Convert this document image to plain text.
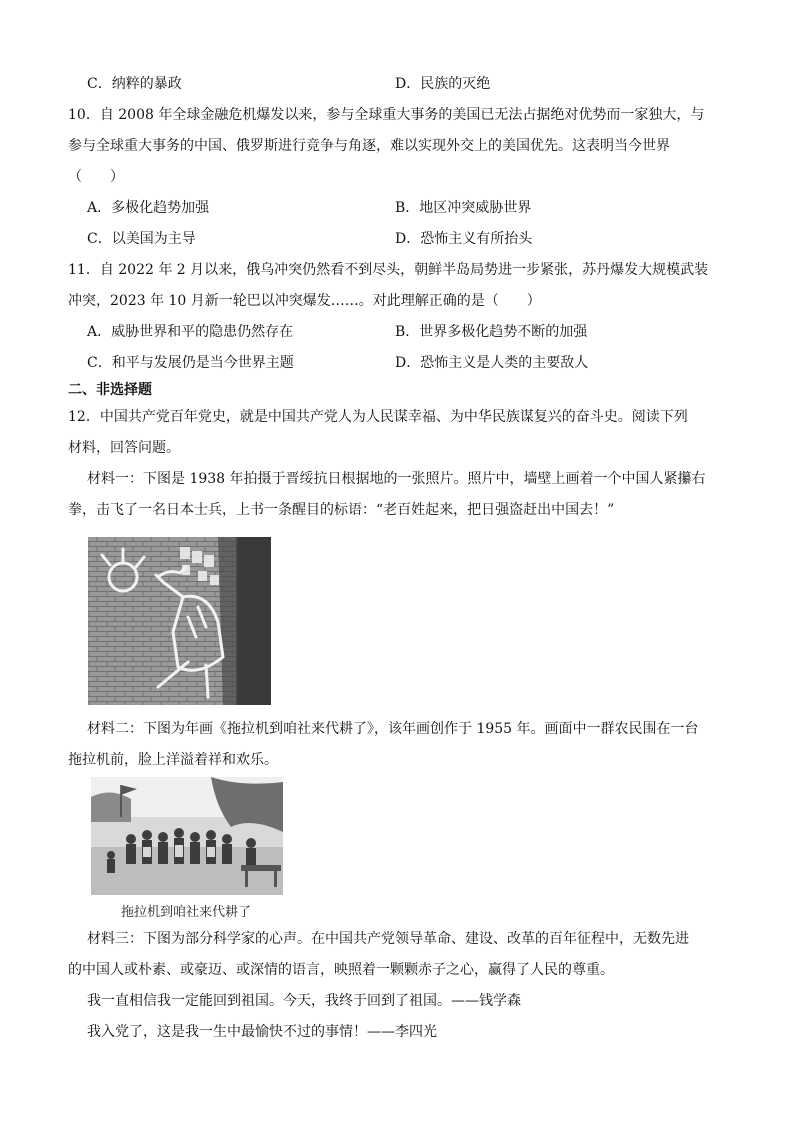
C．纳粹的暴政	D．民族的灭绝
10．自 2008 年全球金融危机爆发以来，参与全球重大事务的美国已无法占据绝对优势而一家独大，与
参与全球重大事务的中国、俄罗斯进行竞争与角逐，难以实现外交上的美国优先。这表明当今世界
（　　）
A．多极化趋势加强	B．地区冲突威胁世界
C．以美国为主导	D．恐怖主义有所抬头
11．自 2022 年 2 月以来，俄乌冲突仍然看不到尽头，朝鲜半岛局势进一步紧张，苏丹爆发大规模武装
冲突，2023 年 10 月新一轮巴以冲突爆发……。对此理解正确的是（　　）
A．威胁世界和平的隐患仍然存在	B．世界多极化趋势不断的加强
C．和平与发展仍是当今世界主题	D．恐怖主义是人类的主要敌人
二、非选择题
12．中国共产党百年党史，就是中国共产党人为人民谋幸福、为中华民族谋复兴的奋斗史。阅读下列
材料，回答问题。
材料一：下图是 1938 年拍摄于晋绥抗日根据地的一张照片。照片中，墙壁上画着一个中国人紧攥右
拳，击飞了一名日本士兵，上书一条醒目的标语：“老百姓起来，把日强盗赶出中国去！”
材料二：下图为年画《拖拉机到咱社来代耕了》，该年画创作于 1955 年。画面中一群农民围在一台
拖拉机前，脸上洋溢着祥和欢乐。
拖拉机到咱社来代耕了
材料三：下图为部分科学家的心声。在中国共产党领导革命、建设、改革的百年征程中，无数先进
的中国人或朴素、或豪迈、或深情的语言，映照着一颗颗赤子之心，赢得了人民的尊重。
我一直相信我一定能回到祖国。今天，我终于回到了祖国。——钱学森
我入党了，这是我一生中最愉快不过的事情！——李四光
